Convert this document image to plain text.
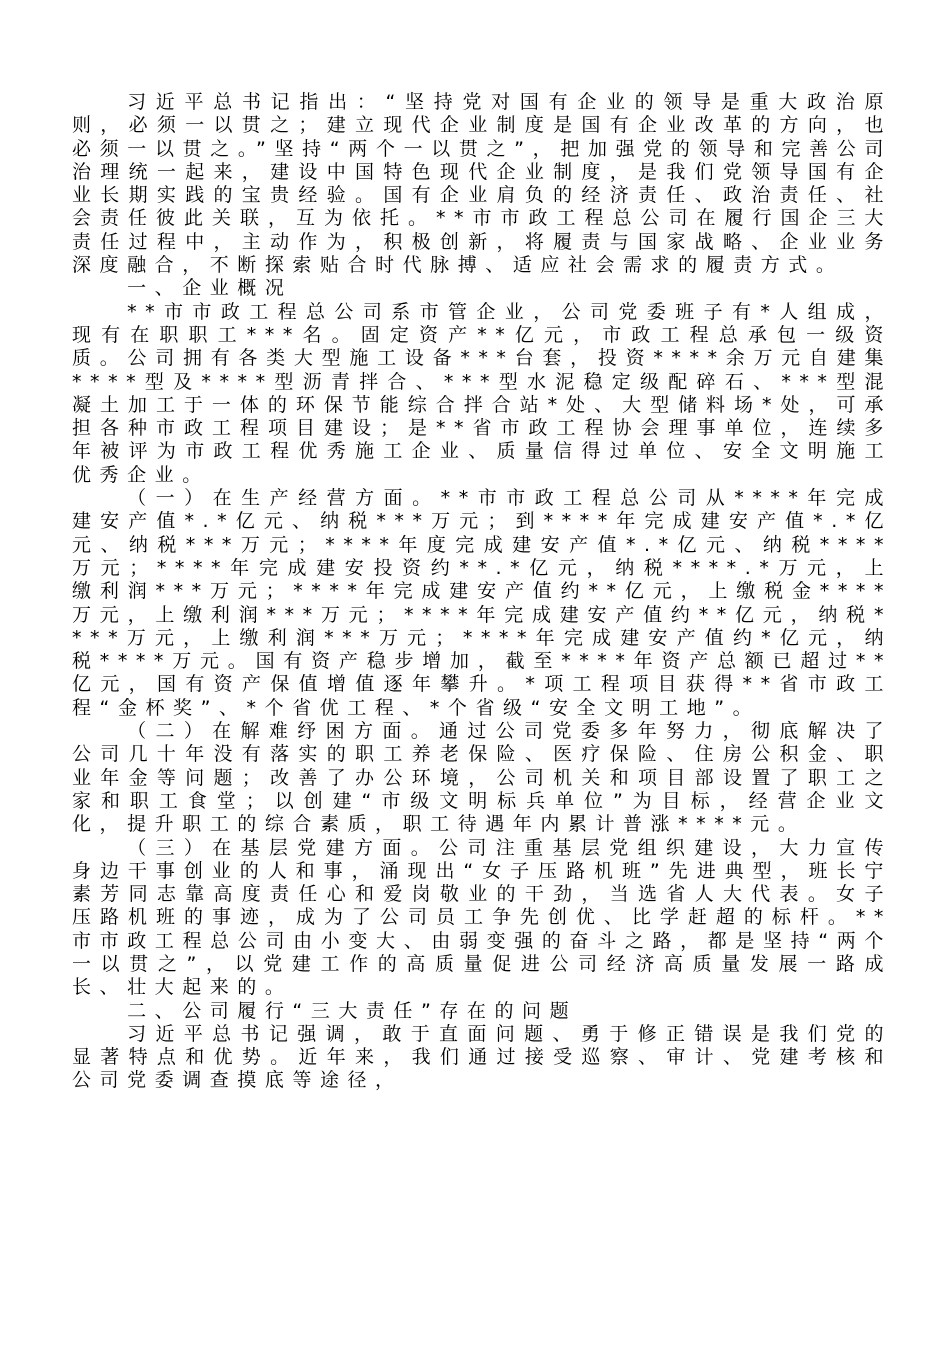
习近平总书记指出：“坚持党对国有企业的领导是重大政治原则，必须一以贯之；建立现代企业制度是国有企业改革的方向，也必须一以贯之。”坚持“两个一以贯之”，把加强党的领导和完善公司治理统一起来，建设中国特色现代企业制度，是我们党领导国有企业长期实践的宝贵经验。国有企业肩负的经济责任、政治责任、社会责任彼此关联，互为依托。**市市政工程总公司在履行国企三大责任过程中，主动作为，积极创新，将履责与国家战略、企业业务深度融合，不断探索贴合时代脉搏、适应社会需求的履责方式。

一、企业概况

**市市政工程总公司系市管企业，公司党委班子有*人组成，现有在职职工***名。固定资产**亿元，市政工程总承包一级资质。公司拥有各类大型施工设备***台套，投资****余万元自建集****型及****型沥青拌合、***型水泥稳定级配碎石、***型混凝土加工于一体的环保节能综合拌合站*处、大型储料场*处，可承担各种市政工程项目建设；是**省市政工程协会理事单位，连续多年被评为市政工程优秀施工企业、质量信得过单位、安全文明施工优秀企业。

（一）在生产经营方面。**市市政工程总公司从****年完成建安产值*.*亿元、纳税***万元；到****年完成建安产值*.*亿元、纳税***万元；****年度完成建安产值*.*亿元、纳税****万元；****年完成建安投资约**.*亿元，纳税****.*万元，上缴利润***万元；****年完成建安产值约**亿元，上缴税金****万元，上缴利润***万元；****年完成建安产值约**亿元，纳税****万元，上缴利润***万元；****年完成建安产值约*亿元，纳税****万元。国有资产稳步增加，截至****年资产总额已超过**亿元，国有资产保值增值逐年攀升。*项工程项目获得**省市政工程“金杯奖”、*个省优工程、*个省级“安全文明工地”。

（二）在解难纾困方面。通过公司党委多年努力，彻底解决了公司几十年没有落实的职工养老保险、医疗保险、住房公积金、职业年金等问题；改善了办公环境，公司机关和项目部设置了职工之家和职工食堂；以创建“市级文明标兵单位”为目标，经营企业文化，提升职工的综合素质，职工待遇年内累计普涨****元。

（三）在基层党建方面。公司注重基层党组织建设，大力宣传身边干事创业的人和事，涌现出“女子压路机班”先进典型，班长宁素芳同志靠高度责任心和爱岗敬业的干劲，当选省人大代表。女子压路机班的事迹，成为了公司员工争先创优、比学赶超的标杆。**市市政工程总公司由小变大、由弱变强的奋斗之路，都是坚持“两个一以贯之”，以党建工作的高质量促进公司经济高质量发展一路成长、壮大起来的。

二、公司履行“三大责任”存在的问题

习近平总书记强调，敢于直面问题、勇于修正错误是我们党的显著特点和优势。近年来，我们通过接受巡察、审计、党建考核和公司党委调查摸底等途径，
